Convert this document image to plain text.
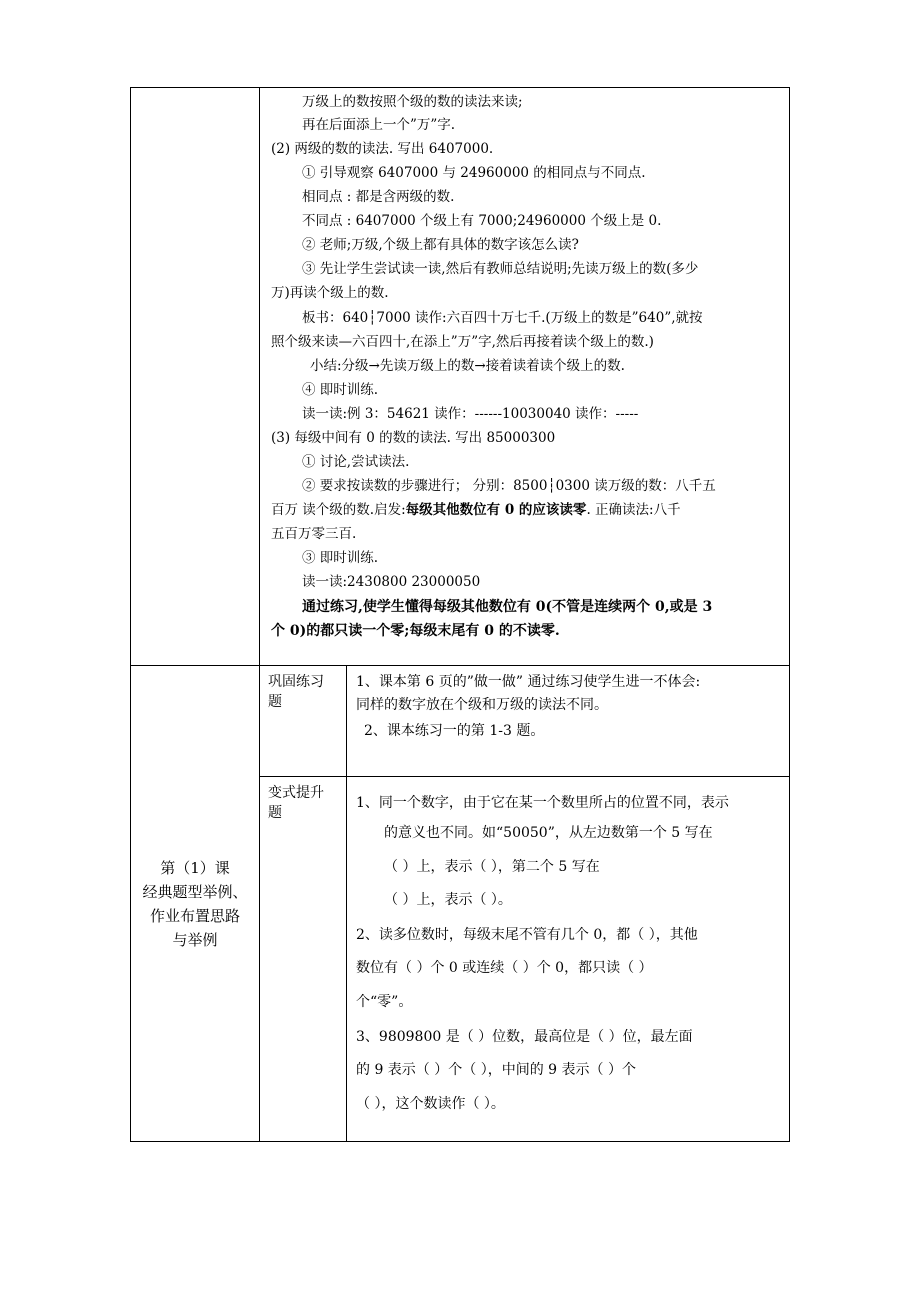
万级上的数按照个级的数的读法来读;
再在后面添上一个”万”字.
(2) 两级的数的读法. 写出 6407000.
① 引导观察 6407000 与 24960000 的相同点与不同点.
相同点 : 都是含两级的数.
不同点 : 6407000 个级上有 7000;24960000 个级上是 0.
② 老师;万级,个级上都有具体的数字该怎么读?
③ 先让学生尝试读一读,然后有教师总结说明;先读万级上的数(多少
万)再读个级上的数.
板书：640┆7000 读作:六百四十万七千.(万级上的数是”640”,就按
照个级来读—六百四十,在添上”万”字,然后再接着读个级上的数.)
小结:分级→先读万级上的数→接着读着读个级上的数.
④ 即时训练.
读一读:例 3：54621 读作：------10030040 读作：-----
(3) 每级中间有 0 的数的读法. 写出 85000300
① 讨论,尝试读法.
② 要求按读数的步骤进行； 分别：8500┆0300 读万级的数：八千五
百万 读个级的数.启发:每级其他数位有 0 的应该读零. 正确读法:八千
五百万零三百.
③ 即时训练.
读一读:2430800 23000050
通过练习,使学生懂得每级其他数位有 0(不管是连续两个 0,或是 3
个 0)的都只读一个零;每级末尾有 0 的不读零.
第（1）课
经典题型举例、
作业布置思路
与举例
巩固练习
题
1、课本第 6 页的”做一做” 通过练习使学生进一不体会:
同样的数字放在个级和万级的读法不同。
2、课本练习一的第 1-3 题。
变式提升
题
1、同一个数字，由于它在某一个数里所占的位置不同，表示
的意义也不同。如“50050”，从左边数第一个 5 写在
（ ）上，表示（ ），第二个 5 写在
（ ）上，表示（ ）。
2、读多位数时，每级末尾不管有几个 0，都（ ），其他
数位有（ ）个 0 或连续（ ）个 0，都只读（ ）
个“零”。
3、9809800 是（ ）位数，最高位是（ ）位，最左面
的 9 表示（ ）个（ ），中间的 9 表示（ ）个
（ ），这个数读作（ ）。
